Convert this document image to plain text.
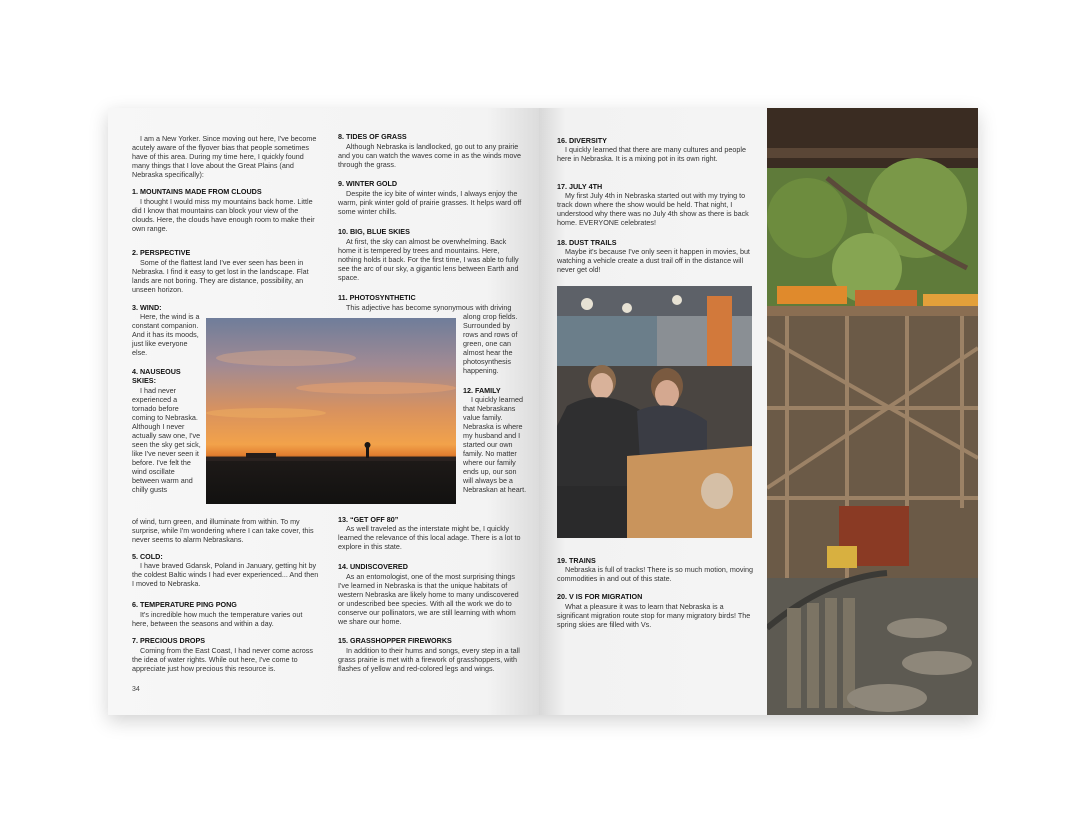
I am a New Yorker. Since moving out here, I've become acutely aware of the flyover bias that people sometimes have of this area. During my time here, I quickly found many things that I love about the Great Plains (and Nebraska specifically):
1. MOUNTAINS MADE FROM CLOUDS
I thought I would miss my mountains back home. Little did I know that mountains can block your view of the clouds. Here, the clouds have enough room to make their own range.
2. PERSPECTIVE
Some of the flattest land I've ever seen has been in Nebraska. I find it easy to get lost in the landscape. Flat lands are not boring. They are distance, possibility, an unseen horizon.
3. WIND:
Here, the wind is a constant companion. And it has its moods, just like everyone else.
4. NAUSEOUS SKIES:
I had never experienced a tornado before coming to Nebraska. Although I never actually saw one, I've seen the sky get sick, like I've never seen it before. I've felt the wind oscillate between warm and chilly gusts
of wind, turn green, and illuminate from within. To my surprise, while I'm wondering where I can take cover, this never seems to alarm Nebraskans.
5. COLD:
I have braved Gdansk, Poland in January, getting hit by the coldest Baltic winds I had ever experienced... And then I moved to Nebraska.
6. TEMPERATURE PING PONG
It's incredible how much the temperature varies out here, between the seasons and within a day.
7. PRECIOUS DROPS
Coming from the East Coast, I had never come across the idea of water rights. While out here, I've come to appreciate just how precious this resource is.
8. TIDES OF GRASS
Although Nebraska is landlocked, go out to any prairie and you can watch the waves come in as the winds move through the grass.
9. WINTER GOLD
Despite the icy bite of winter winds, I always enjoy the warm, pink winter gold of prairie grasses. It helps ward off some winter chills.
10. BIG, BLUE SKIES
At first, the sky can almost be overwhelming. Back home it is tempered by trees and mountains. Here, nothing holds it back. For the first time, I was able to fully see the arc of our sky, a gigantic lens between Earth and space.
11. PHOTOSYNTHETIC
This adjective has become synonymous with driving
along crop fields. Surrounded by rows and rows of green, one can almost hear the photosynthesis happening.
12. FAMILY
I quickly learned that Nebraskans value family. Nebraska is where my husband and I started our own family. No matter where our family ends up, our son will always be a Nebraskan at heart.
13. “GET OFF 80”
As well traveled as the interstate might be, I quickly learned the relevance of this local adage. There is a lot to explore in this state.
14. UNDISCOVERED
As an entomologist, one of the most surprising things I've learned in Nebraska is that the unique habitats of western Nebraska are likely home to many undiscovered or undescribed bee species. With all the work we do to conserve our pollinators, we are still learning with whom we share our home.
15. GRASSHOPPER FIREWORKS
In addition to their hums and songs, every step in a tall grass prairie is met with a firework of grasshoppers, with flashes of yellow and red-colored legs and wings.
34
16. DIVERSITY
I quickly learned that there are many cultures and people here in Nebraska. It is a mixing pot in its own right.
17. JULY 4TH
My first July 4th in Nebraska started out with my trying to track down where the show would be held. That night, I understood why there was no July 4th show as there is back home. EVERYONE celebrates!
18. DUST TRAILS
Maybe it's because I've only seen it happen in movies, but watching a vehicle create a dust trail off in the distance will never get old!
19. TRAINS
Nebraska is full of tracks! There is so much motion, moving commodities in and out of this state.
20. V IS FOR MIGRATION
What a pleasure it was to learn that Nebraska is a significant migration route stop for many migratory birds! The spring skies are filled with Vs.
